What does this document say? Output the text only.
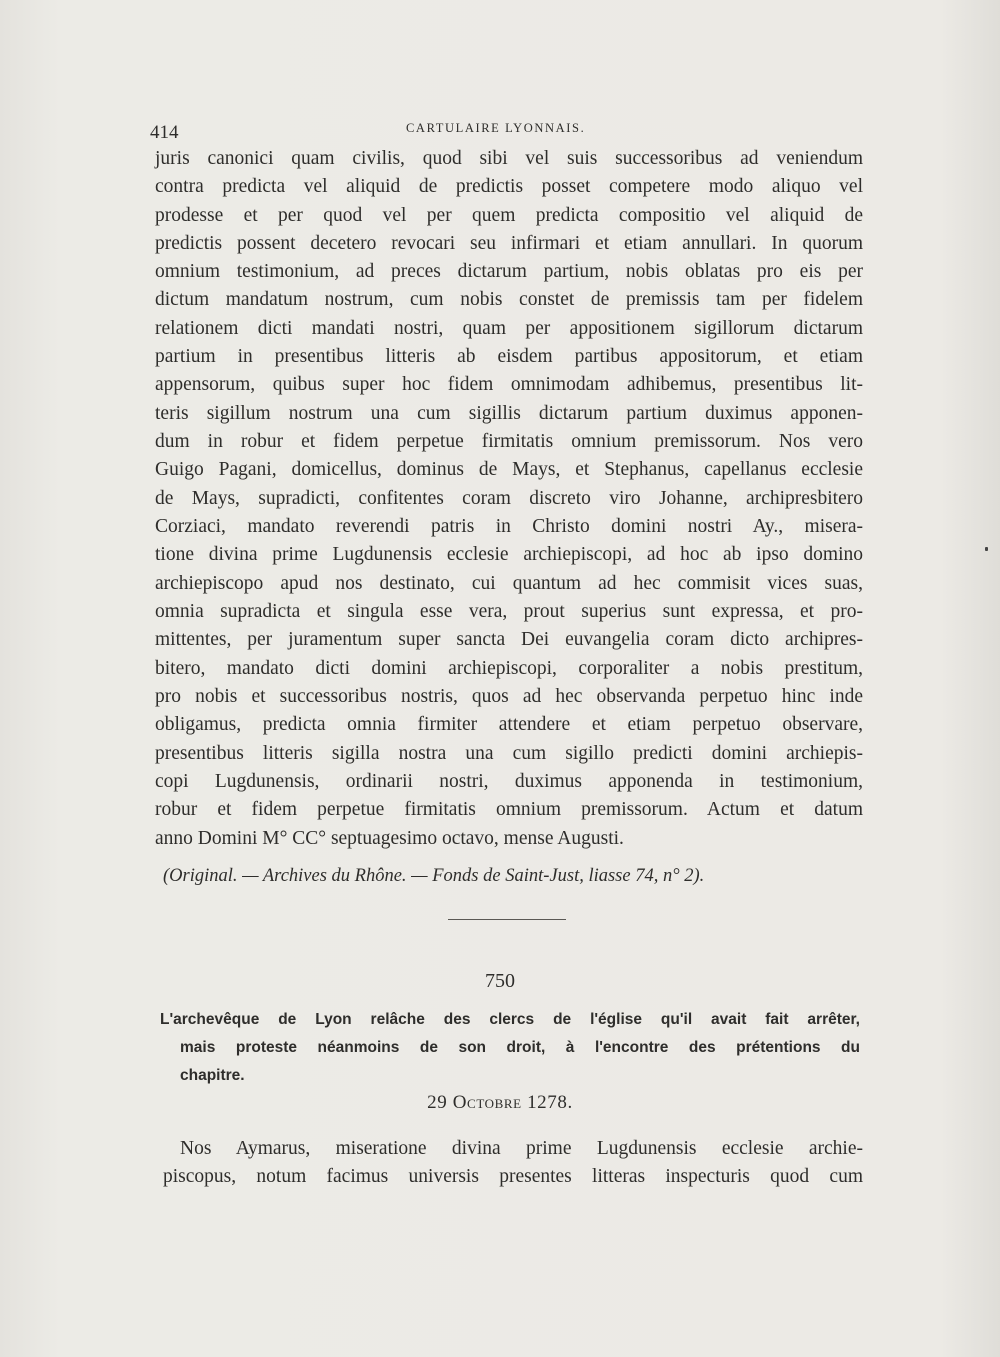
414	CARTULAIRE LYONNAIS.
juris canonici quam civilis, quod sibi vel suis successoribus ad veniendum
contra predicta vel aliquid de predictis posset competere modo aliquo vel
prodesse et per quod vel per quem predicta compositio vel aliquid de
predictis possent decetero revocari seu infirmari et etiam annullari. In quorum
omnium testimonium, ad preces dictarum partium, nobis oblatas pro eis per
dictum mandatum nostrum, cum nobis constet de premissis tam per fidelem
relationem dicti mandati nostri, quam per appositionem sigillorum dictarum
partium in presentibus litteris ab eisdem partibus appositorum, et etiam
appensorum, quibus super hoc fidem omnimodam adhibemus, presentibus lit-
teris sigillum nostrum una cum sigillis dictarum partium duximus apponen-
dum in robur et fidem perpetue firmitatis omnium premissorum. Nos vero
Guigo Pagani, domicellus, dominus de Mays, et Stephanus, capellanus ecclesie
de Mays, supradicti, confitentes coram discreto viro Johanne, archipresbitero
Corziaci, mandato reverendi patris in Christo domini nostri Ay., misera-
tione divina prime Lugdunensis ecclesie archiepiscopi, ad hoc ab ipso domino
archiepiscopo apud nos destinato, cui quantum ad hec commisit vices suas,
omnia supradicta et singula esse vera, prout superius sunt expressa, et pro-
mittentes, per juramentum super sancta Dei euvangelia coram dicto archipres-
bitero, mandato dicti domini archiepiscopi, corporaliter a nobis prestitum,
pro nobis et successoribus nostris, quos ad hec observanda perpetuo hinc inde
obligamus, predicta omnia firmiter attendere et etiam perpetuo observare,
presentibus litteris sigilla nostra una cum sigillo predicti domini archiepis-
copi Lugdunensis, ordinarii nostri, duximus apponenda in testimonium,
robur et fidem perpetue firmitatis omnium premissorum. Actum et datum
anno Domini M° CC° septuagesimo octavo, mense Augusti.
(Original. — Archives du Rhône. — Fonds de Saint-Just, liasse 74, n° 2).
750
L'archevêque de Lyon relâche des clercs de l'église qu'il avait fait arrêter,
mais proteste néanmoins de son droit, à l'encontre des prétentions du
chapitre.
29 Octobre 1278.
Nos Aymarus, miseratione divina prime Lugdunensis ecclesie archie-
piscopus, notum facimus universis presentes litteras inspecturis quod cum
